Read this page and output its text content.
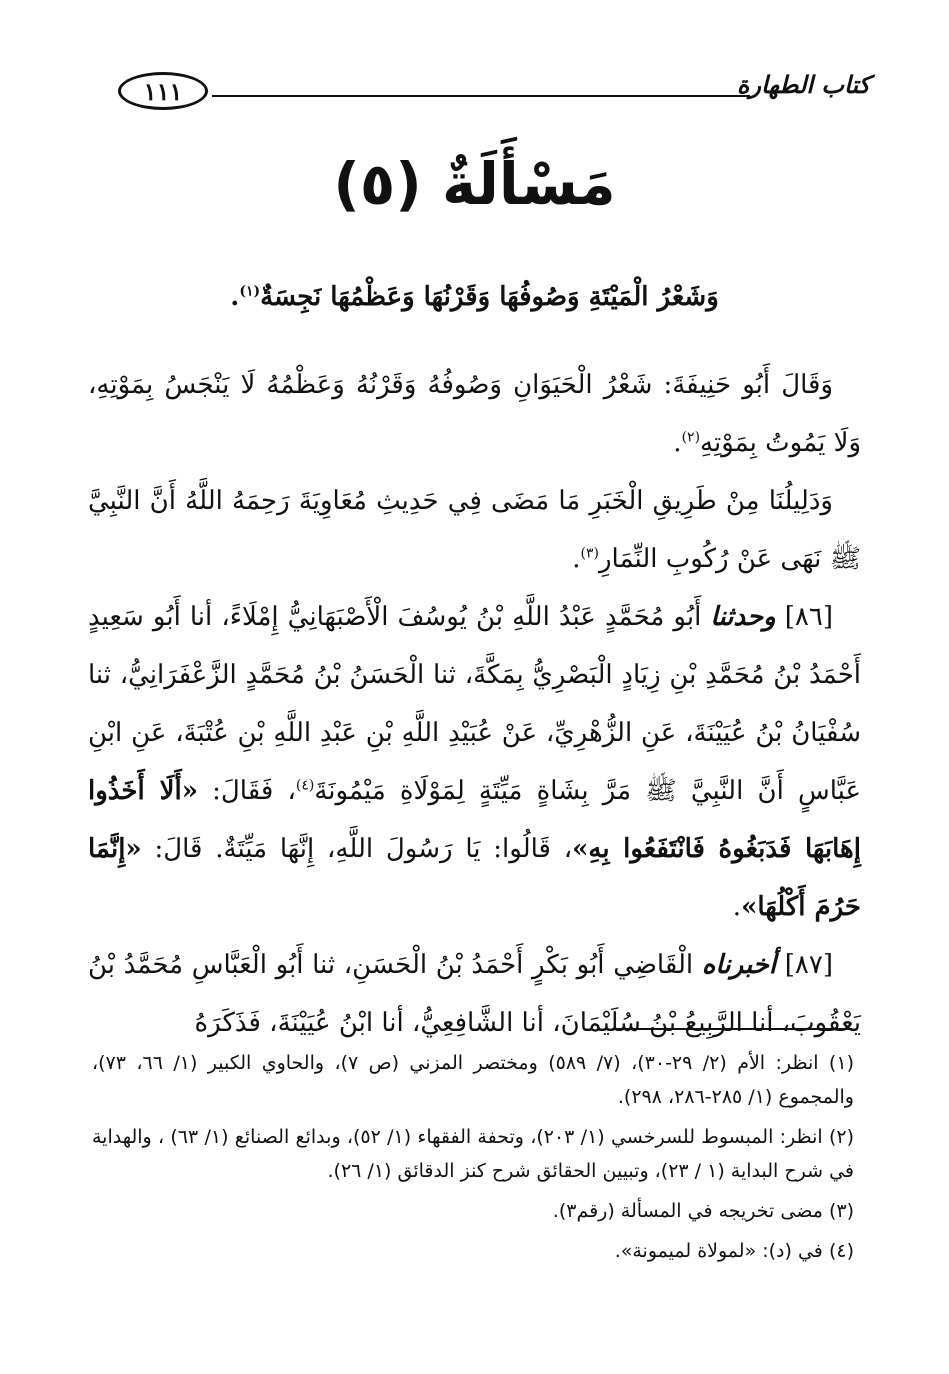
١١١	كتاب الطهارة
مَسْأَلَةٌ (٥)

وَشَعْرُ الْمَيْتَةِ وَصُوفُهَا وَقَرْنُهَا وَعَظْمُهَا نَجِسَةٌ$^{(١)}$.

وَقَالَ أَبُو حَنِيفَةَ: شَعْرُ الْحَيَوَانِ وَصُوفُهُ وَقَرْنُهُ وَعَظْمُهُ لَا يَنْجَسُ بِمَوْتِهِ، وَلَا يَمُوتُ بِمَوْتِهِ$^{(٢)}$.

وَدَلِيلُنَا مِنْ طَرِيقِ الْخَبَرِ مَا مَضَى فِي حَدِيثِ مُعَاوِيَةَ رَحِمَهُ اللَّهُ أَنَّ النَّبِيَّ ﷺ نَهَى عَنْ رُكُوبِ النِّمَارِ$^{(٣)}$.

[٨٦] وحدثنا أَبُو مُحَمَّدٍ عَبْدُ اللَّهِ بْنُ يُوسُفَ الْأَصْبَهَانِيُّ إِمْلَاءً، أنا أَبُو سَعِيدٍ أَحْمَدُ بْنُ مُحَمَّدِ بْنِ زِيَادٍ الْبَصْرِيُّ بِمَكَّةَ، ثنا الْحَسَنُ بْنُ مُحَمَّدٍ الزَّعْفَرَانِيُّ، ثنا سُفْيَانُ بْنُ عُيَيْنَةَ، عَنِ الزُّهْرِيِّ، عَنْ عُبَيْدِ اللَّهِ بْنِ عَبْدِ اللَّهِ بْنِ عُتْبَةَ، عَنِ ابْنِ عَبَّاسٍ أَنَّ النَّبِيَّ ﷺ مَرَّ بِشَاةٍ مَيِّتَةٍ لِمَوْلَاةِ مَيْمُونَةَ$^{(٤)}$، فَقَالَ: «أَلَا أَخَذُوا إِهَابَهَا فَدَبَغُوهُ فَانْتَفَعُوا بِهِ»، قَالُوا: يَا رَسُولَ اللَّهِ، إِنَّهَا مَيِّتَةٌ. قَالَ: «إِنَّمَا حَرُمَ أَكْلُهَا».

[٨٧] أخبرناه الْقَاضِي أَبُو بَكْرٍ أَحْمَدُ بْنُ الْحَسَنِ، ثنا أَبُو الْعَبَّاسِ مُحَمَّدُ بْنُ يَعْقُوبَ، أنا الرَّبِيعُ بْنُ سُلَيْمَانَ، أنا الشَّافِعِيُّ، أنا ابْنُ عُيَيْنَةَ، فَذَكَرَهُ

(١) انظر: الأم (٢/ ٢٩-٣٠)، (٧/ ٥٨٩) ومختصر المزني (ص ٧)، والحاوي الكبير (١/ ٦٦، ٧٣)، والمجموع (١/ ٢٨٥-٢٨٦، ٢٩٨).

(٢) انظر: المبسوط للسرخسي (١/ ٢٠٣)، وتحفة الفقهاء (١/ ٥٢)، وبدائع الصنائع (١/ ٦٣) ، والهداية في شرح البداية (١ / ٢٣)، وتبيين الحقائق شرح كنز الدقائق (١/ ٢٦).

(٣) مضى تخريجه في المسألة (رقم٣).

(٤) في (د): «لمولاة لميمونة».
